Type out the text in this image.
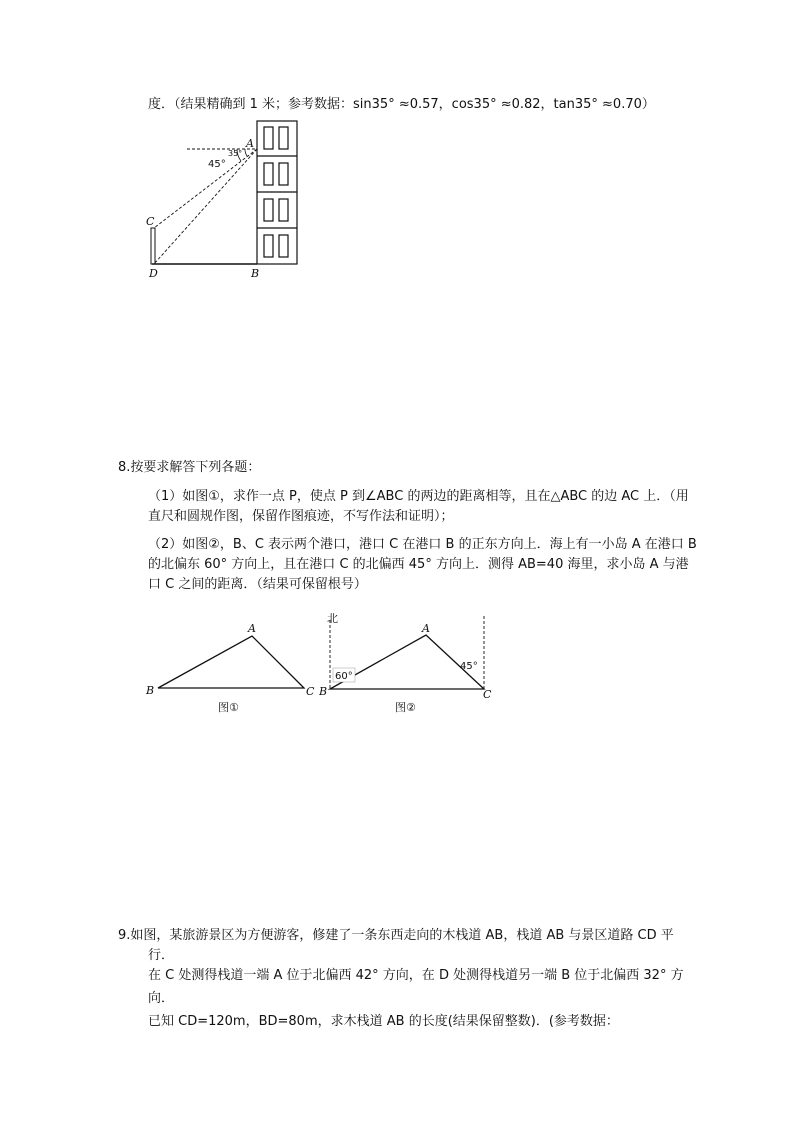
度．（结果精确到 1 米；参考数据：sin35° ≈0.57，cos35° ≈0.82，tan35° ≈0.70）
45°
35°
A
B
C
D
8.按要求解答下列各题：
（1）如图①，求作一点 P，使点 P 到∠ABC 的两边的距离相等，且在△ABC 的边 AC 上．（用
直尺和圆规作图，保留作图痕迹，不写作法和证明）；
（2）如图②，B、C 表示两个港口，港口 C 在港口 B 的正东方向上．海上有一小岛 A 在港口 B
的北偏东 60° 方向上，且在港口 C 的北偏西 45° 方向上．测得 AB=40 海里，求小岛 A 与港
口 C 之间的距离．（结果可保留根号）
A
B	C
图①
北
60°
45°
A
B	C
图②
9.如图，某旅游景区为方便游客，修建了一条东西走向的木栈道 AB，栈道 AB 与景区道路 CD 平
行．
在 C 处测得栈道一端 A 位于北偏西 42° 方向，在 D 处测得栈道另一端 B 位于北偏西 32° 方
向．
已知 CD=120m，BD=80m，求木栈道 AB 的长度(结果保留整数)．(参考数据：
